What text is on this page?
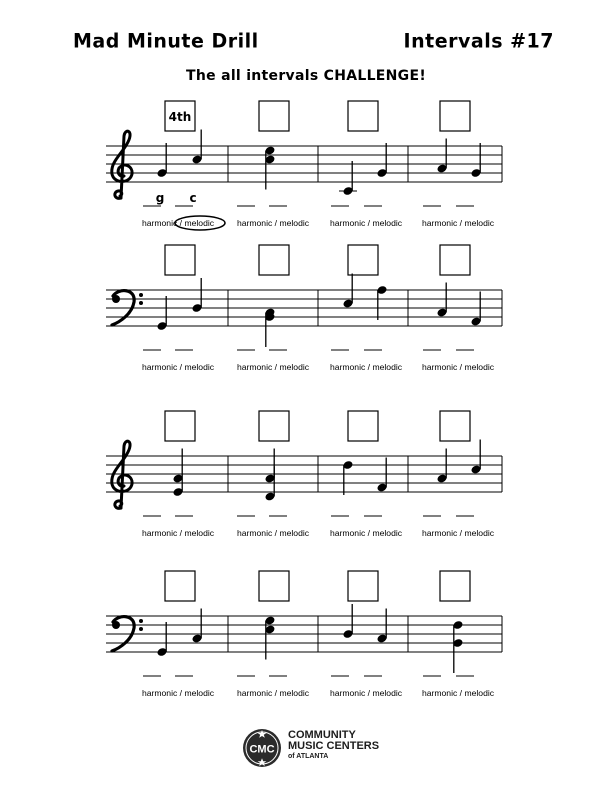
Mad Minute Drill	Intervals #17
The all intervals CHALLENGE!
harmonic / melodic	harmonic / melodic harmonic / melodic harmonic / melodic
harmonic / melodic	harmonic / melodic harmonic / melodic harmonic / melodic
harmonic / melodic	harmonic / melodic harmonic / melodic harmonic / melodic
harmonic / melodic	harmonic / melodic harmonic / melodic harmonic / melodic
4th
g c
CMC
COMMUNITY
MUSIC CENTERS
of ATLANTA
